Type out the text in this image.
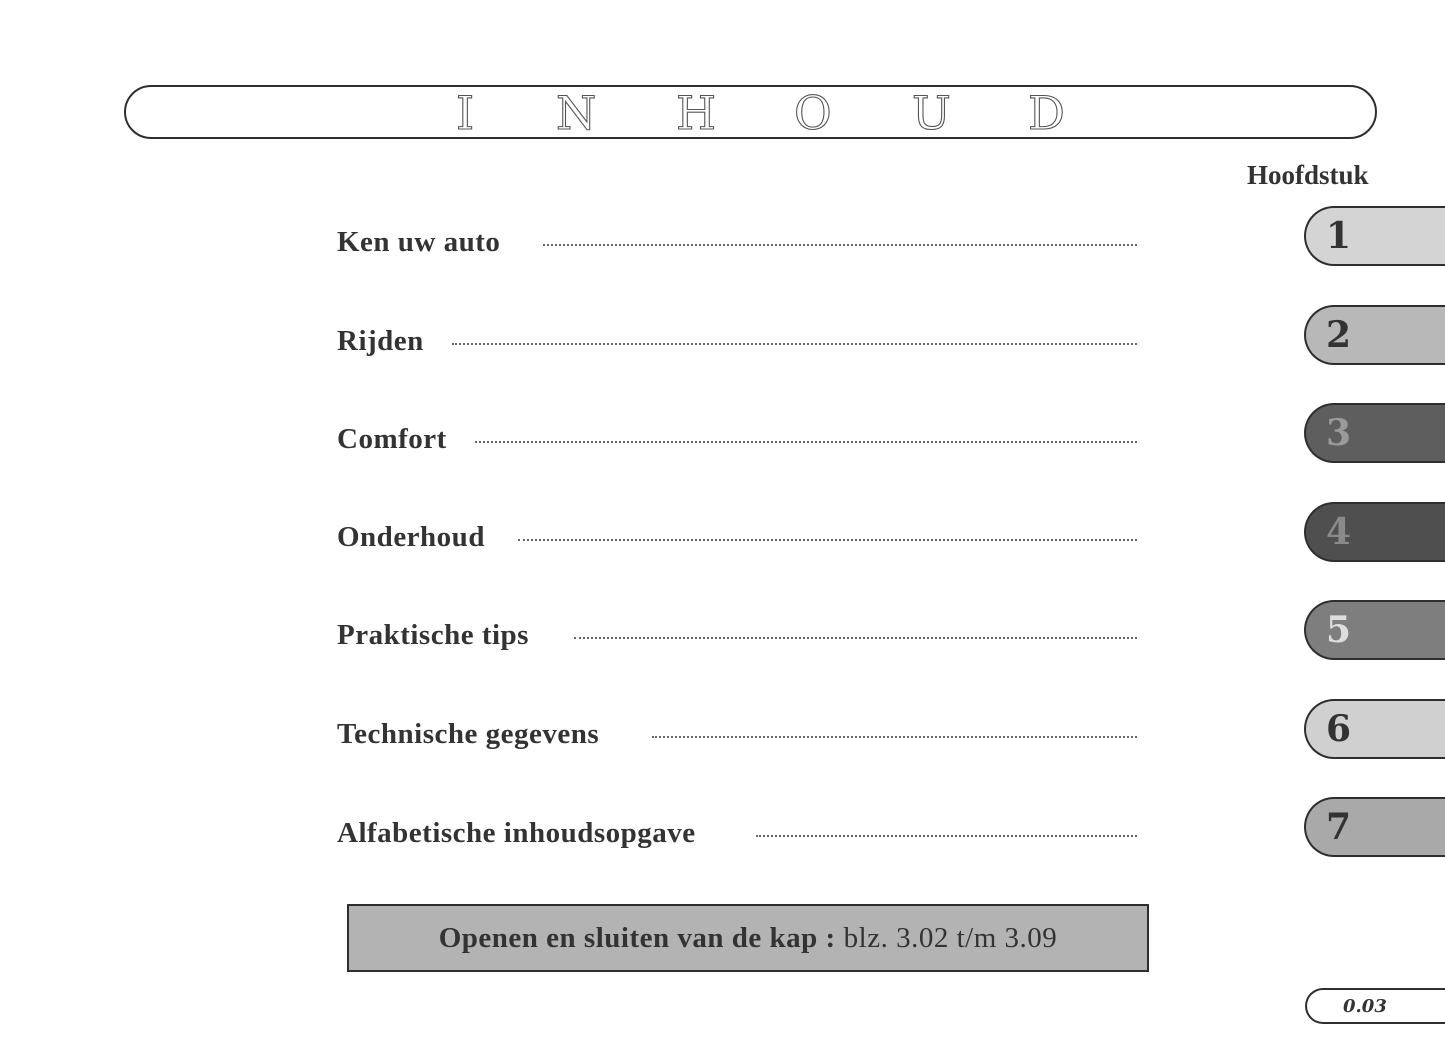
I N H O U D
Hoofdstuk
Ken uw auto
Rijden
Comfort
Onderhoud
Praktische tips
Technische gegevens
Alfabetische inhoudsopgave
1
2
3
4
5
6
7
Openen en sluiten van de kap : blz. 3.02 t/m 3.09
0.03
